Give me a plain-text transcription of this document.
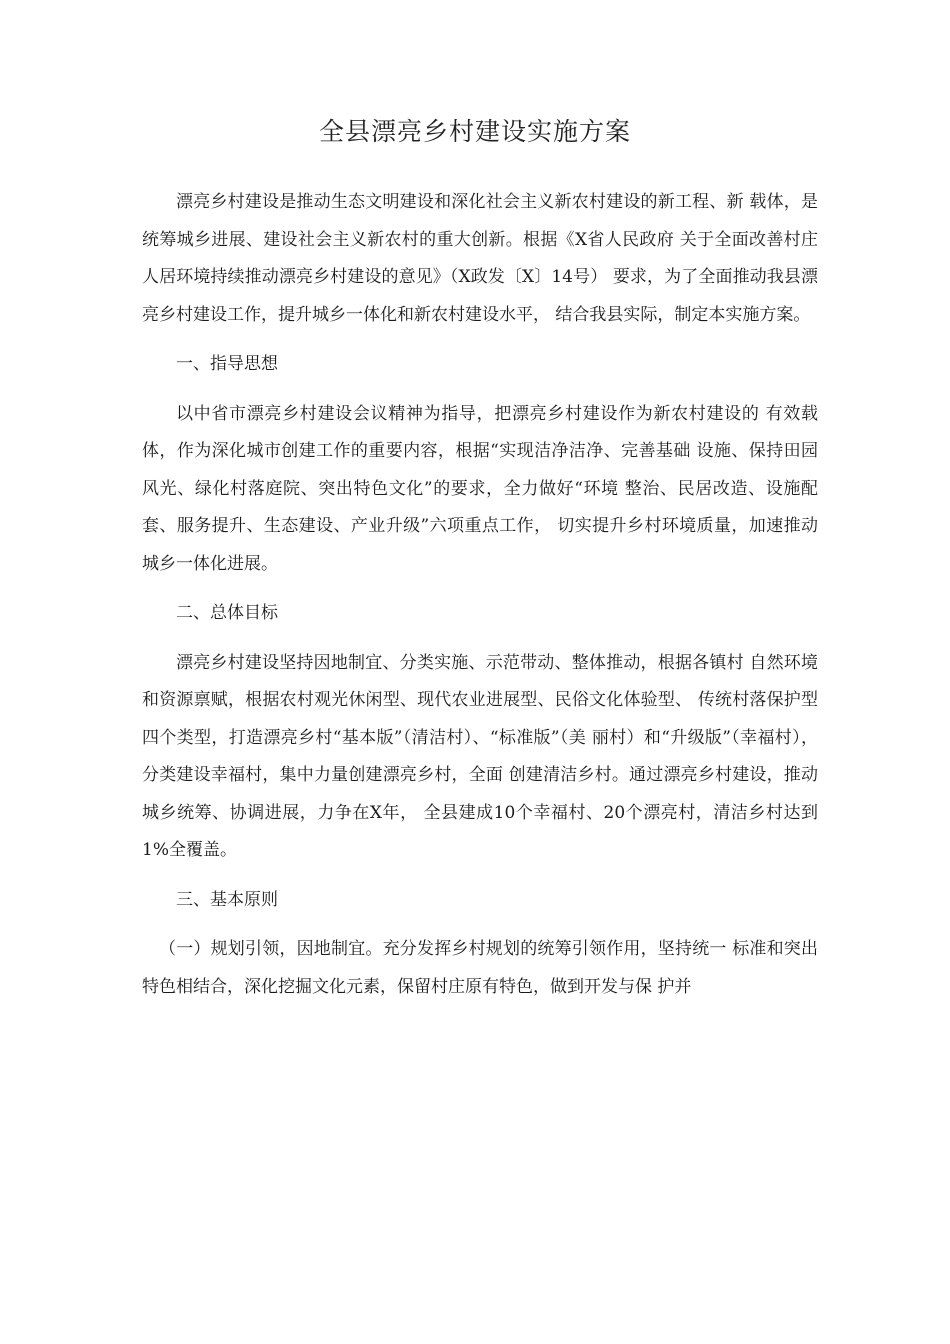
全县漂亮乡村建设实施方案

漂亮乡村建设是推动生态文明建设和深化社会主义新农村建设的新工程、新 载体，是统筹城乡进展、建设社会主义新农村的重大创新。根据《X省人民政府 关于全面改善村庄人居环境持续推动漂亮乡村建设的意见》（X政发〔X〕14号） 要求，为了全面推动我县漂亮乡村建设工作，提升城乡一体化和新农村建设水平， 结合我县实际，制定本实施方案。

一、指导思想

以中省市漂亮乡村建设会议精神为指导，把漂亮乡村建设作为新农村建设的 有效载体，作为深化城市创建工作的重要内容，根据“实现洁净洁净、完善基础 设施、保持田园风光、绿化村落庭院、突出特色文化”的要求，全力做好“环境 整治、民居改造、设施配套、服务提升、生态建设、产业升级”六项重点工作， 切实提升乡村环境质量，加速推动城乡一体化进展。

二、总体目标

漂亮乡村建设坚持因地制宜、分类实施、示范带动、整体推动，根据各镇村 自然环境和资源禀赋，根据农村观光休闲型、现代农业进展型、民俗文化体验型、 传统村落保护型四个类型，打造漂亮乡村“基本版”（清洁村）、“标准版”（美 丽村）和“升级版”（幸福村），分类建设幸福村，集中力量创建漂亮乡村，全面 创建清洁乡村。通过漂亮乡村建设，推动城乡统筹、协调进展，力争在X年， 全县建成10个幸福村、20个漂亮村，清洁乡村达到1%全覆盖。

三、基本原则

（一）规划引领，因地制宜。充分发挥乡村规划的统筹引领作用，坚持统一 标准和突出特色相结合，深化挖掘文化元素，保留村庄原有特色，做到开发与保 护并
